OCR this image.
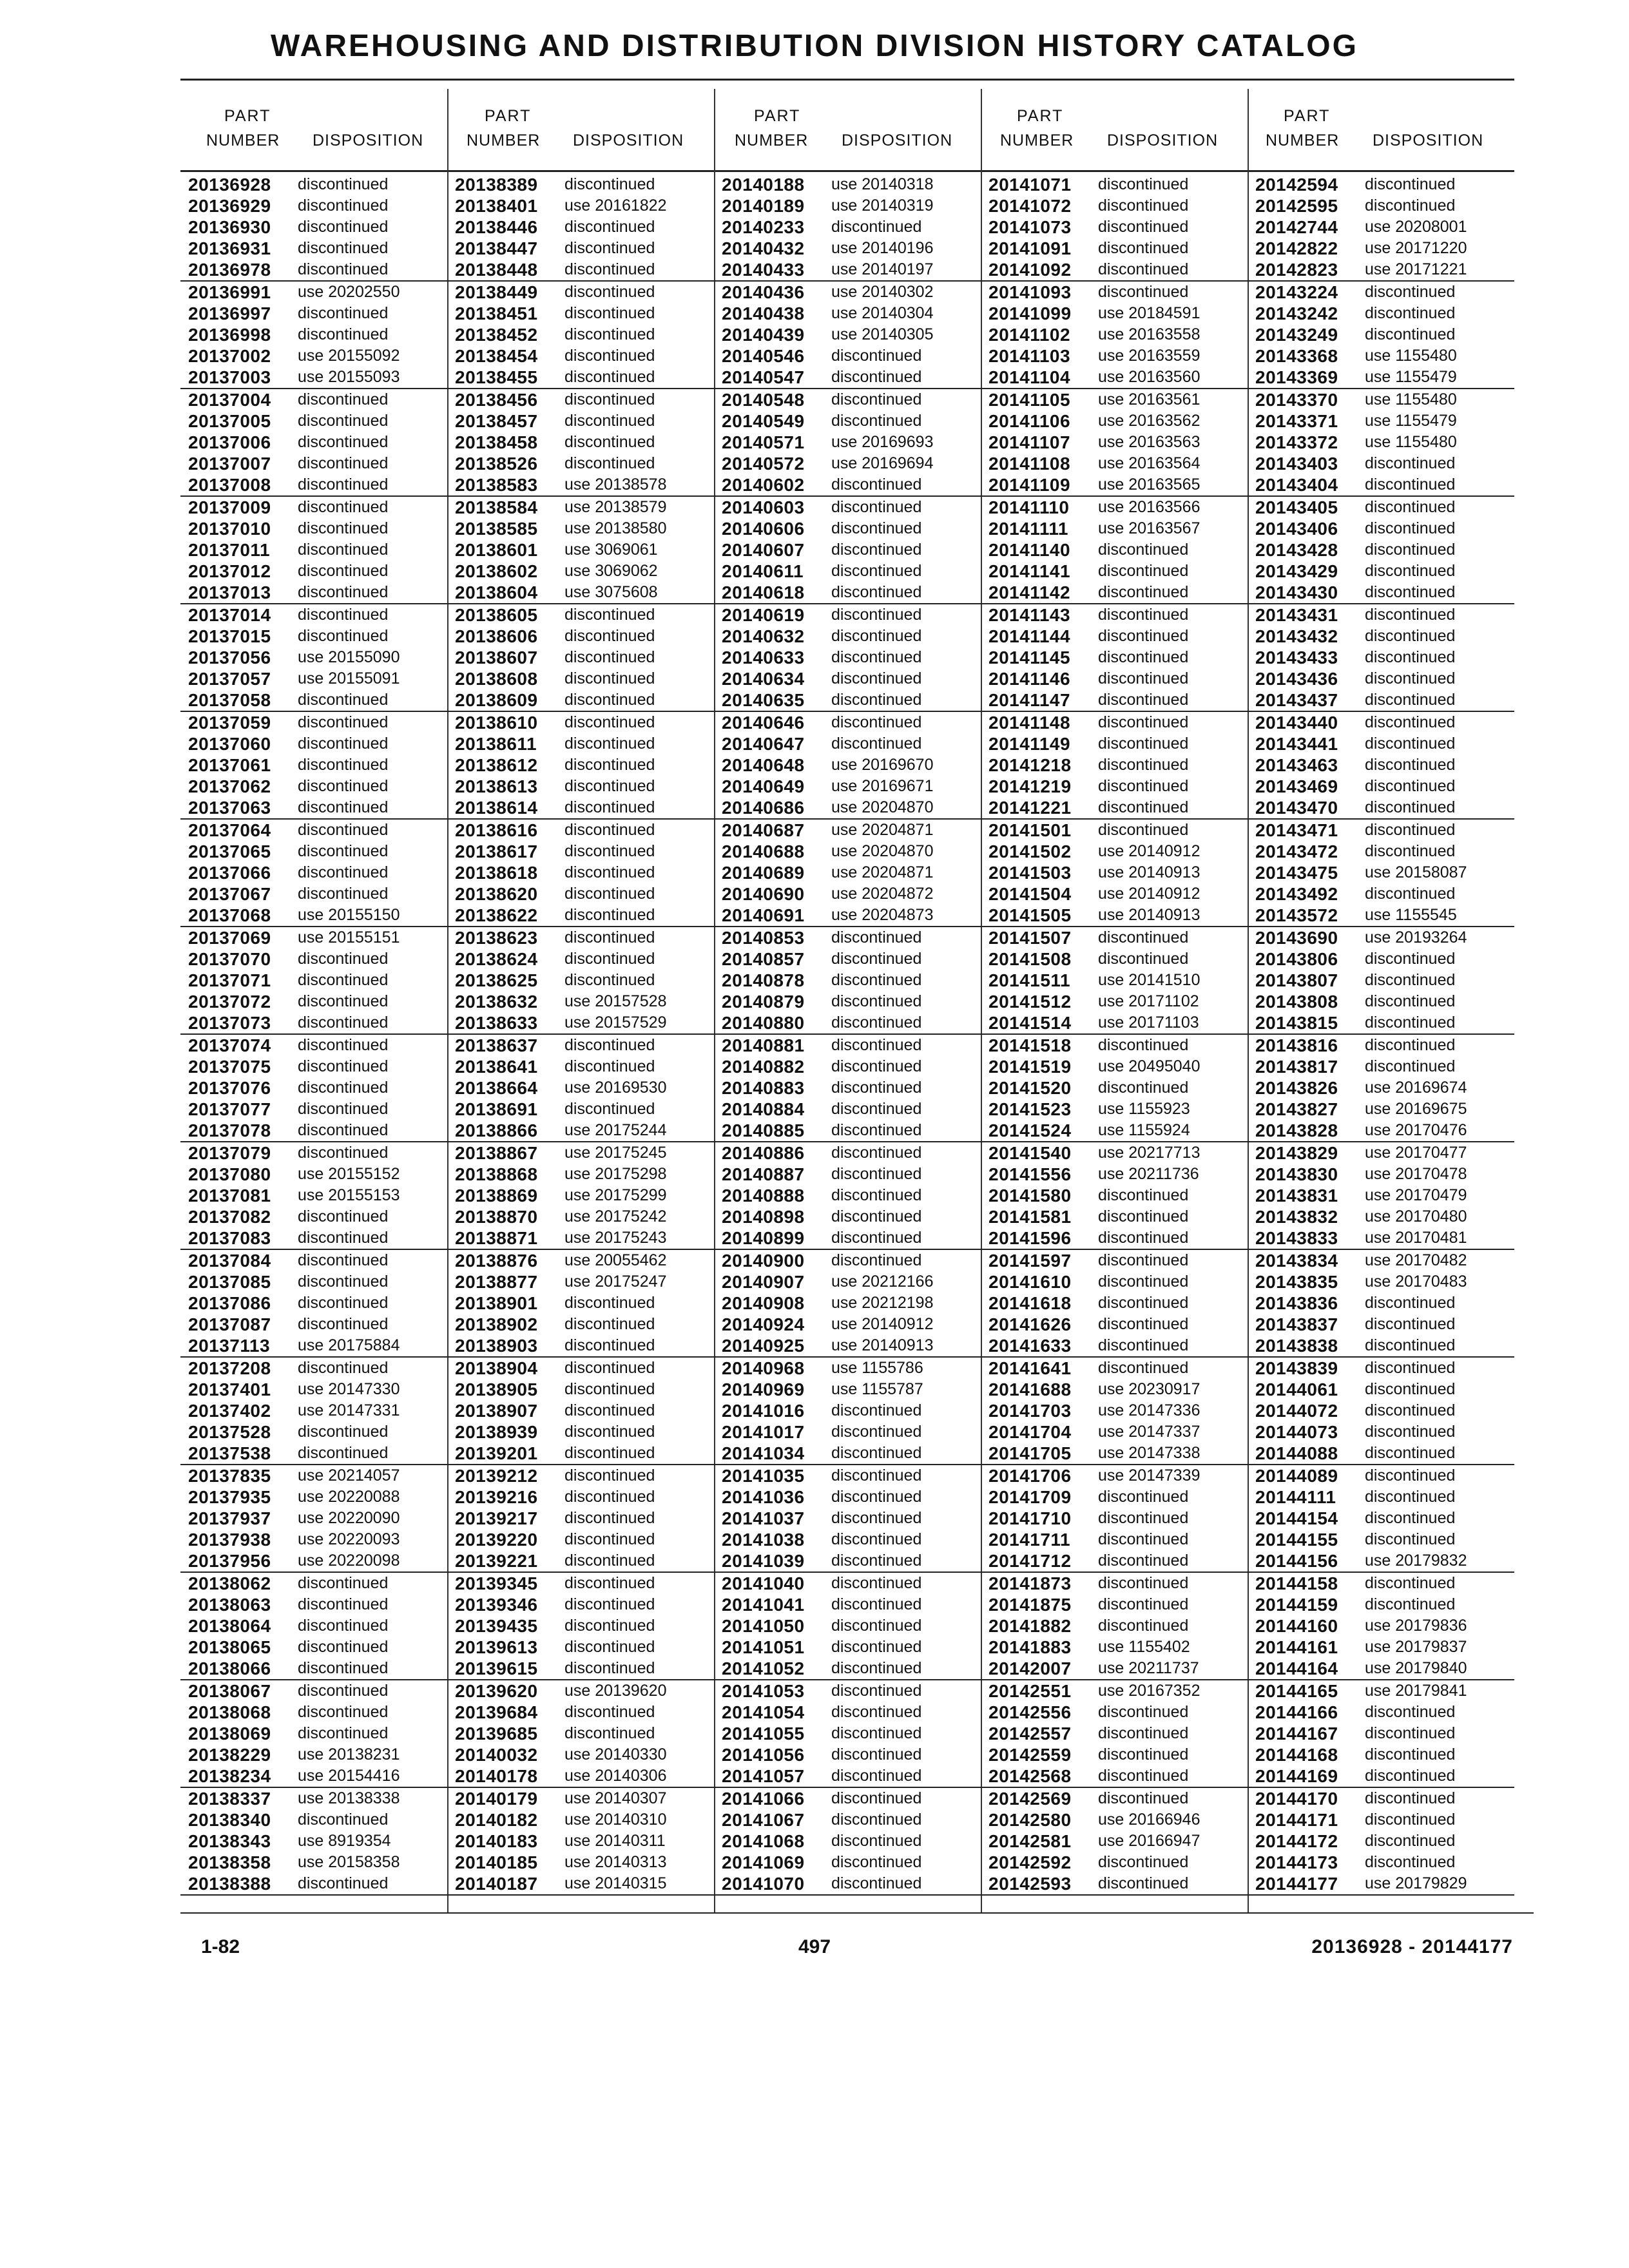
WAREHOUSING AND DISTRIBUTION DIVISION HISTORY CATALOG
PART
NUMBER DISPOSITION
PART
NUMBER DISPOSITION
PART
NUMBER DISPOSITION
PART
NUMBER DISPOSITION
PART
NUMBER DISPOSITION
20136928 discontinued
20136929 discontinued
20136930 discontinued
20136931 discontinued
20136978 discontinued
20136991 use 20202550
20136997 discontinued
20136998 discontinued
20137002 use 20155092
20137003 use 20155093
20137004 discontinued
20137005 discontinued
20137006 discontinued
20137007 discontinued
20137008 discontinued
20137009 discontinued
20137010 discontinued
20137011 discontinued
20137012 discontinued
20137013 discontinued
20137014 discontinued
20137015 discontinued
20137056 use 20155090
20137057 use 20155091
20137058 discontinued
20137059 discontinued
20137060 discontinued
20137061 discontinued
20137062 discontinued
20137063 discontinued
20137064 discontinued
20137065 discontinued
20137066 discontinued
20137067 discontinued
20137068 use 20155150
20137069 use 20155151
20137070 discontinued
20137071 discontinued
20137072 discontinued
20137073 discontinued
20137074 discontinued
20137075 discontinued
20137076 discontinued
20137077 discontinued
20137078 discontinued
20137079 discontinued
20137080 use 20155152
20137081 use 20155153
20137082 discontinued
20137083 discontinued
20137084 discontinued
20137085 discontinued
20137086 discontinued
20137087 discontinued
20137113 use 20175884
20137208 discontinued
20137401 use 20147330
20137402 use 20147331
20137528 discontinued
20137538 discontinued
20137835 use 20214057
20137935 use 20220088
20137937 use 20220090
20137938 use 20220093
20137956 use 20220098
20138062 discontinued
20138063 discontinued
20138064 discontinued
20138065 discontinued
20138066 discontinued
20138067 discontinued
20138068 discontinued
20138069 discontinued
20138229 use 20138231
20138234 use 20154416
20138337 use 20138338
20138340 discontinued
20138343 use 8919354
20138358 use 20158358
20138388 discontinued
20138389 discontinued
20138401 use 20161822
20138446 discontinued
20138447 discontinued
20138448 discontinued
20138449 discontinued
20138451 discontinued
20138452 discontinued
20138454 discontinued
20138455 discontinued
20138456 discontinued
20138457 discontinued
20138458 discontinued
20138526 discontinued
20138583 use 20138578
20138584 use 20138579
20138585 use 20138580
20138601 use 3069061
20138602 use 3069062
20138604 use 3075608
20138605 discontinued
20138606 discontinued
20138607 discontinued
20138608 discontinued
20138609 discontinued
20138610 discontinued
20138611 discontinued
20138612 discontinued
20138613 discontinued
20138614 discontinued
20138616 discontinued
20138617 discontinued
20138618 discontinued
20138620 discontinued
20138622 discontinued
20138623 discontinued
20138624 discontinued
20138625 discontinued
20138632 use 20157528
20138633 use 20157529
20138637 discontinued
20138641 discontinued
20138664 use 20169530
20138691 discontinued
20138866 use 20175244
20138867 use 20175245
20138868 use 20175298
20138869 use 20175299
20138870 use 20175242
20138871 use 20175243
20138876 use 20055462
20138877 use 20175247
20138901 discontinued
20138902 discontinued
20138903 discontinued
20138904 discontinued
20138905 discontinued
20138907 discontinued
20138939 discontinued
20139201 discontinued
20139212 discontinued
20139216 discontinued
20139217 discontinued
20139220 discontinued
20139221 discontinued
20139345 discontinued
20139346 discontinued
20139435 discontinued
20139613 discontinued
20139615 discontinued
20139620 use 20139620
20139684 discontinued
20139685 discontinued
20140032 use 20140330
20140178 use 20140306
20140179 use 20140307
20140182 use 20140310
20140183 use 20140311
20140185 use 20140313
20140187 use 20140315
20140188 use 20140318
20140189 use 20140319
20140233 discontinued
20140432 use 20140196
20140433 use 20140197
20140436 use 20140302
20140438 use 20140304
20140439 use 20140305
20140546 discontinued
20140547 discontinued
20140548 discontinued
20140549 discontinued
20140571 use 20169693
20140572 use 20169694
20140602 discontinued
20140603 discontinued
20140606 discontinued
20140607 discontinued
20140611 discontinued
20140618 discontinued
20140619 discontinued
20140632 discontinued
20140633 discontinued
20140634 discontinued
20140635 discontinued
20140646 discontinued
20140647 discontinued
20140648 use 20169670
20140649 use 20169671
20140686 use 20204870
20140687 use 20204871
20140688 use 20204870
20140689 use 20204871
20140690 use 20204872
20140691 use 20204873
20140853 discontinued
20140857 discontinued
20140878 discontinued
20140879 discontinued
20140880 discontinued
20140881 discontinued
20140882 discontinued
20140883 discontinued
20140884 discontinued
20140885 discontinued
20140886 discontinued
20140887 discontinued
20140888 discontinued
20140898 discontinued
20140899 discontinued
20140900 discontinued
20140907 use 20212166
20140908 use 20212198
20140924 use 20140912
20140925 use 20140913
20140968 use 1155786
20140969 use 1155787
20141016 discontinued
20141017 discontinued
20141034 discontinued
20141035 discontinued
20141036 discontinued
20141037 discontinued
20141038 discontinued
20141039 discontinued
20141040 discontinued
20141041 discontinued
20141050 discontinued
20141051 discontinued
20141052 discontinued
20141053 discontinued
20141054 discontinued
20141055 discontinued
20141056 discontinued
20141057 discontinued
20141066 discontinued
20141067 discontinued
20141068 discontinued
20141069 discontinued
20141070 discontinued
20141071 discontinued
20141072 discontinued
20141073 discontinued
20141091 discontinued
20141092 discontinued
20141093 discontinued
20141099 use 20184591
20141102 use 20163558
20141103 use 20163559
20141104 use 20163560
20141105 use 20163561
20141106 use 20163562
20141107 use 20163563
20141108 use 20163564
20141109 use 20163565
20141110 use 20163566
20141111 use 20163567
20141140 discontinued
20141141 discontinued
20141142 discontinued
20141143 discontinued
20141144 discontinued
20141145 discontinued
20141146 discontinued
20141147 discontinued
20141148 discontinued
20141149 discontinued
20141218 discontinued
20141219 discontinued
20141221 discontinued
20141501 discontinued
20141502 use 20140912
20141503 use 20140913
20141504 use 20140912
20141505 use 20140913
20141507 discontinued
20141508 discontinued
20141511 use 20141510
20141512 use 20171102
20141514 use 20171103
20141518 discontinued
20141519 use 20495040
20141520 discontinued
20141523 use 1155923
20141524 use 1155924
20141540 use 20217713
20141556 use 20211736
20141580 discontinued
20141581 discontinued
20141596 discontinued
20141597 discontinued
20141610 discontinued
20141618 discontinued
20141626 discontinued
20141633 discontinued
20141641 discontinued
20141688 use 20230917
20141703 use 20147336
20141704 use 20147337
20141705 use 20147338
20141706 use 20147339
20141709 discontinued
20141710 discontinued
20141711 discontinued
20141712 discontinued
20141873 discontinued
20141875 discontinued
20141882 discontinued
20141883 use 1155402
20142007 use 20211737
20142551 use 20167352
20142556 discontinued
20142557 discontinued
20142559 discontinued
20142568 discontinued
20142569 discontinued
20142580 use 20166946
20142581 use 20166947
20142592 discontinued
20142593 discontinued
20142594 discontinued
20142595 discontinued
20142744 use 20208001
20142822 use 20171220
20142823 use 20171221
20143224 discontinued
20143242 discontinued
20143249 discontinued
20143368 use 1155480
20143369 use 1155479
20143370 use 1155480
20143371 use 1155479
20143372 use 1155480
20143403 discontinued
20143404 discontinued
20143405 discontinued
20143406 discontinued
20143428 discontinued
20143429 discontinued
20143430 discontinued
20143431 discontinued
20143432 discontinued
20143433 discontinued
20143436 discontinued
20143437 discontinued
20143440 discontinued
20143441 discontinued
20143463 discontinued
20143469 discontinued
20143470 discontinued
20143471 discontinued
20143472 discontinued
20143475 use 20158087
20143492 discontinued
20143572 use 1155545
20143690 use 20193264
20143806 discontinued
20143807 discontinued
20143808 discontinued
20143815 discontinued
20143816 discontinued
20143817 discontinued
20143826 use 20169674
20143827 use 20169675
20143828 use 20170476
20143829 use 20170477
20143830 use 20170478
20143831 use 20170479
20143832 use 20170480
20143833 use 20170481
20143834 use 20170482
20143835 use 20170483
20143836 discontinued
20143837 discontinued
20143838 discontinued
20143839 discontinued
20144061 discontinued
20144072 discontinued
20144073 discontinued
20144088 discontinued
20144089 discontinued
20144111 discontinued
20144154 discontinued
20144155 discontinued
20144156 use 20179832
20144158 discontinued
20144159 discontinued
20144160 use 20179836
20144161 use 20179837
20144164 use 20179840
20144165 use 20179841
20144166 discontinued
20144167 discontinued
20144168 discontinued
20144169 discontinued
20144170 discontinued
20144171 discontinued
20144172 discontinued
20144173 discontinued
20144177 use 20179829
1-82	497	20136928 - 20144177
